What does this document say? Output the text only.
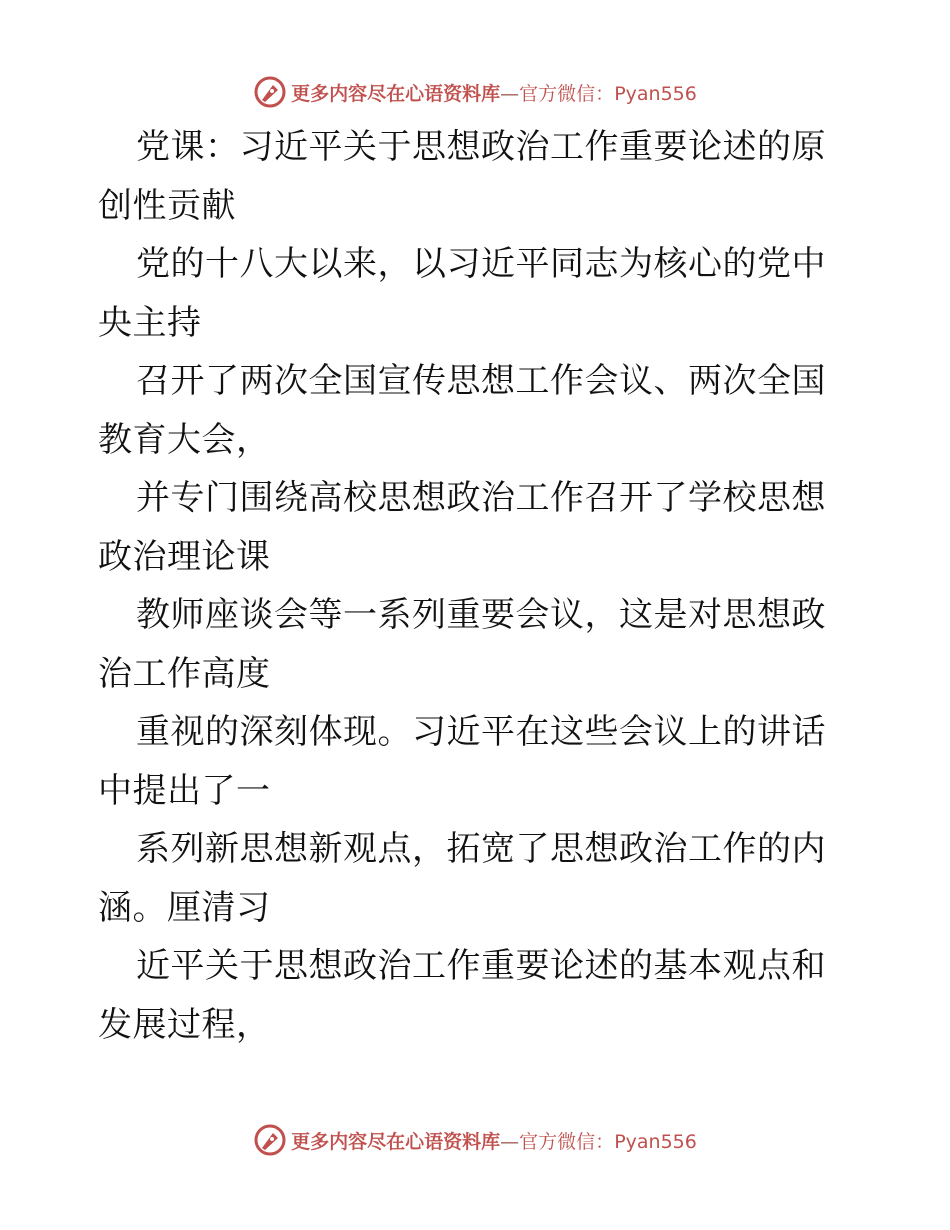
更多内容尽在心语资料库—官方微信：Pyan556

党课：习近平关于思想政治工作重要论述的原创性贡献

党的十八大以来，以习近平同志为核心的党中央主持

召开了两次全国宣传思想工作会议、两次全国教育大会，

并专门围绕高校思想政治工作召开了学校思想政治理论课

教师座谈会等一系列重要会议，这是对思想政治工作高度

重视的深刻体现。习近平在这些会议上的讲话中提出了一

系列新思想新观点，拓宽了思想政治工作的内涵。厘清习

近平关于思想政治工作重要论述的基本观点和发展过程，

更多内容尽在心语资料库—官方微信：Pyan556
